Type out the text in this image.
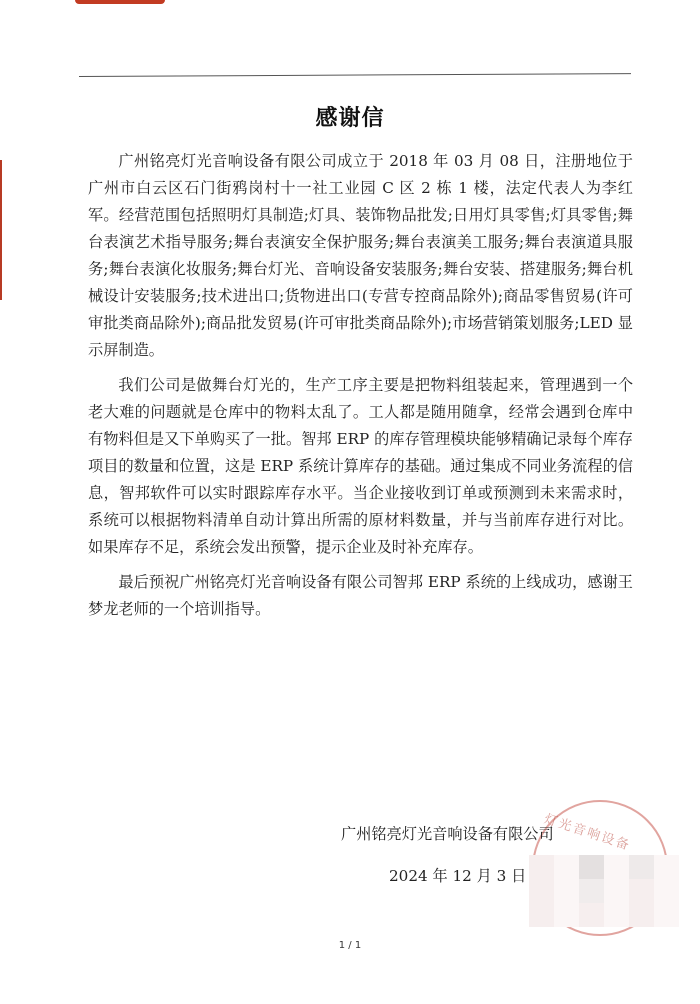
感谢信

广州铭亮灯光音响设备有限公司成立于 2018 年 03 月 08 日，注册地位于广州市白云区石门街鸦岗村十一社工业园 C 区 2 栋 1 楼，法定代表人为李红军。经营范围包括照明灯具制造;灯具、装饰物品批发;日用灯具零售;灯具零售;舞台表演艺术指导服务;舞台表演安全保护服务;舞台表演美工服务;舞台表演道具服务;舞台表演化妆服务;舞台灯光、音响设备安装服务;舞台安装、搭建服务;舞台机械设计安装服务;技术进出口;货物进出口(专营专控商品除外);商品零售贸易(许可审批类商品除外);商品批发贸易(许可审批类商品除外);市场营销策划服务;LED 显示屏制造。

我们公司是做舞台灯光的，生产工序主要是把物料组装起来，管理遇到一个老大难的问题就是仓库中的物料太乱了。工人都是随用随拿，经常会遇到仓库中有物料但是又下单购买了一批。智邦 ERP 的库存管理模块能够精确记录每个库存项目的数量和位置，这是 ERP 系统计算库存的基础。通过集成不同业务流程的信息，智邦软件可以实时跟踪库存水平。当企业接收到订单或预测到未来需求时，系统可以根据物料清单自动计算出所需的原材料数量，并与当前库存进行对比。如果库存不足，系统会发出预警，提示企业及时补充库存。

最后预祝广州铭亮灯光音响设备有限公司智邦 ERP 系统的上线成功，感谢王梦龙老师的一个培训指导。

灯光音响设备
广州铭亮灯光音响设备有限公司
2024 年 12 月 3 日
1 / 1
